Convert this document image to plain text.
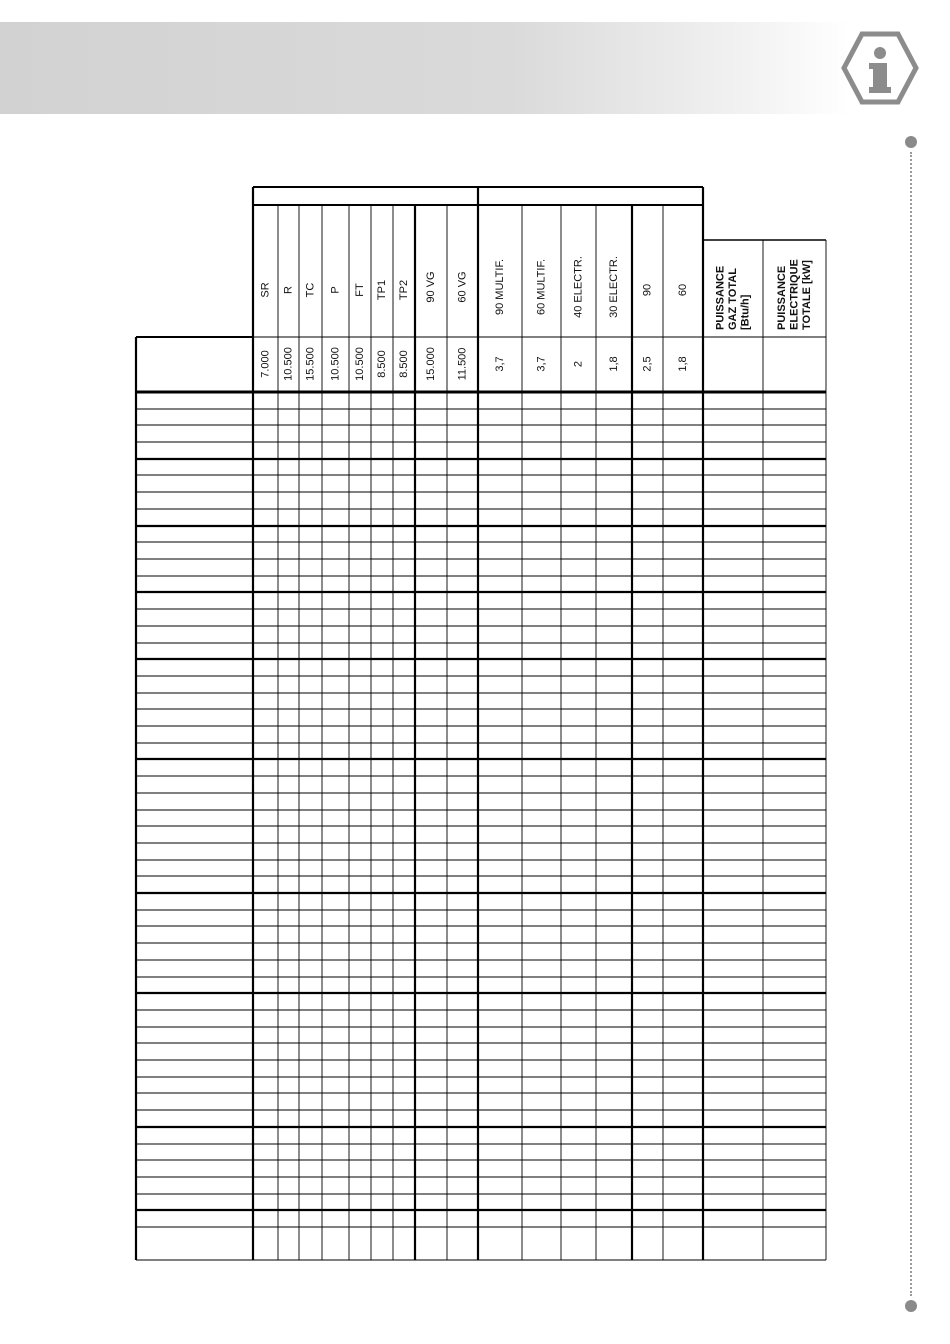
SR
7.000
R
10.500
TC
15.500
P
10.500
FT
10.500
TP1
8.500
TP2
8.500
90 VG
15.000
60 VG
11.500
90 MULTIF.
3,7
60 MULTIF.
3,7
40 ELECTR.
2
30 ELECTR.
1,8
90
2,5
60
1,8
PUISSANCE GAZ TOTAL [Btu/h] PUISSANCE ELECTRIQUE TOTALE [kW]
